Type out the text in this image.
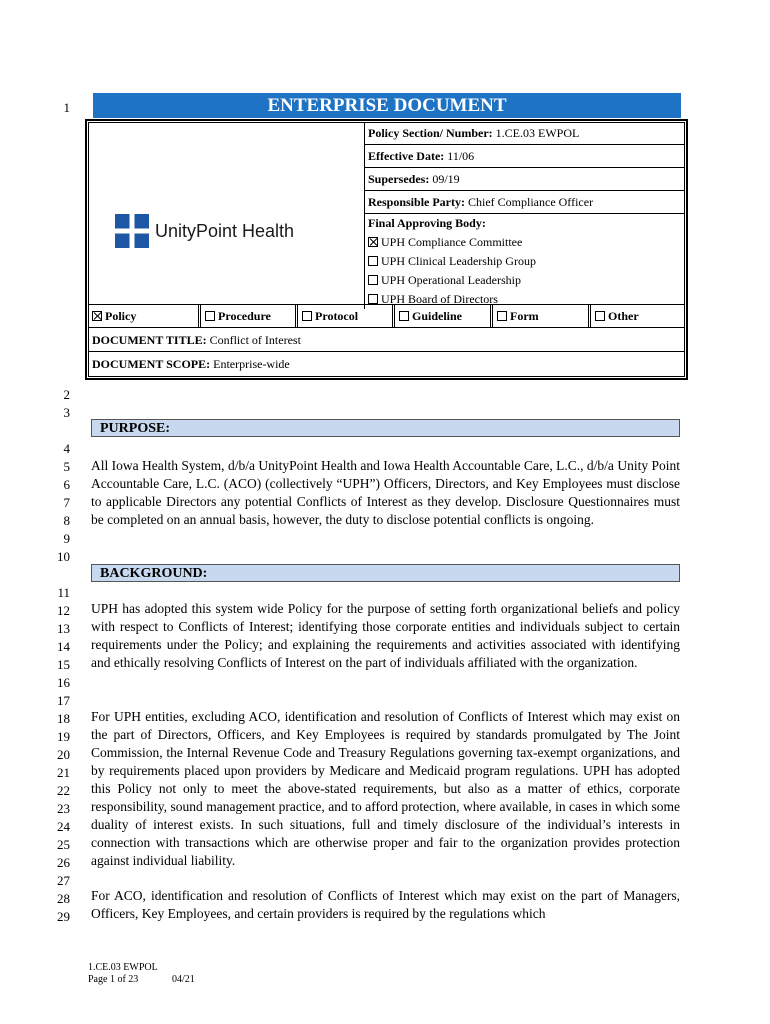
1
2
3
4
5
6
7
8
9
10
11
12
13
14
15
16
17
18
19
20
21
22
23
24
25
26
27
28
29
ENTERPRISE DOCUMENT
UnityPoint Health
Policy Section/ Number: 1.CE.03 EWPOL
Effective Date: 11/06
Supersedes: 09/19
Responsible Party: Chief Compliance Officer
Final Approving Body:
UPH Compliance Committee
UPH Clinical Leadership Group
UPH Operational Leadership
UPH Board of Directors
Policy	Procedure	Protocol	Guideline	Form	Other
DOCUMENT TITLE: Conflict of Interest
DOCUMENT SCOPE: Enterprise-wide
PURPOSE:
All Iowa Health System, d/b/a UnityPoint Health and Iowa Health Accountable Care, L.C., d/b/a Unity Point Accountable Care, L.C. (ACO) (collectively “UPH”) Officers, Directors, and Key Employees must disclose to applicable Directors any potential Conflicts of Interest as they develop. Disclosure Questionnaires must be completed on an annual basis, however, the duty to disclose potential conflicts is ongoing.
BACKGROUND:
UPH has adopted this system wide Policy for the purpose of setting forth organizational beliefs and policy with respect to Conflicts of Interest; identifying those corporate entities and individuals subject to certain requirements under the Policy; and explaining the requirements and activities associated with identifying and ethically resolving Conflicts of Interest on the part of individuals affiliated with the organization.
For UPH entities, excluding ACO, identification and resolution of Conflicts of Interest which may exist on the part of Directors, Officers, and Key Employees is required by standards promulgated by The Joint Commission, the Internal Revenue Code and Treasury Regulations governing tax-exempt organizations, and by requirements placed upon providers by Medicare and Medicaid program regulations. UPH has adopted this Policy not only to meet the above-stated requirements, but also as a matter of ethics, corporate responsibility, sound management practice, and to afford protection, where available, in cases in which some duality of interest exists. In such situations, full and timely disclosure of the individual’s interests in connection with transactions which are otherwise proper and fair to the organization provides protection against individual liability.
For ACO, identification and resolution of Conflicts of Interest which may exist on the part of Managers, Officers, Key Employees, and certain providers is required by the regulations which
1.CE.03 EWPOL
Page 1 of 23	04/21
